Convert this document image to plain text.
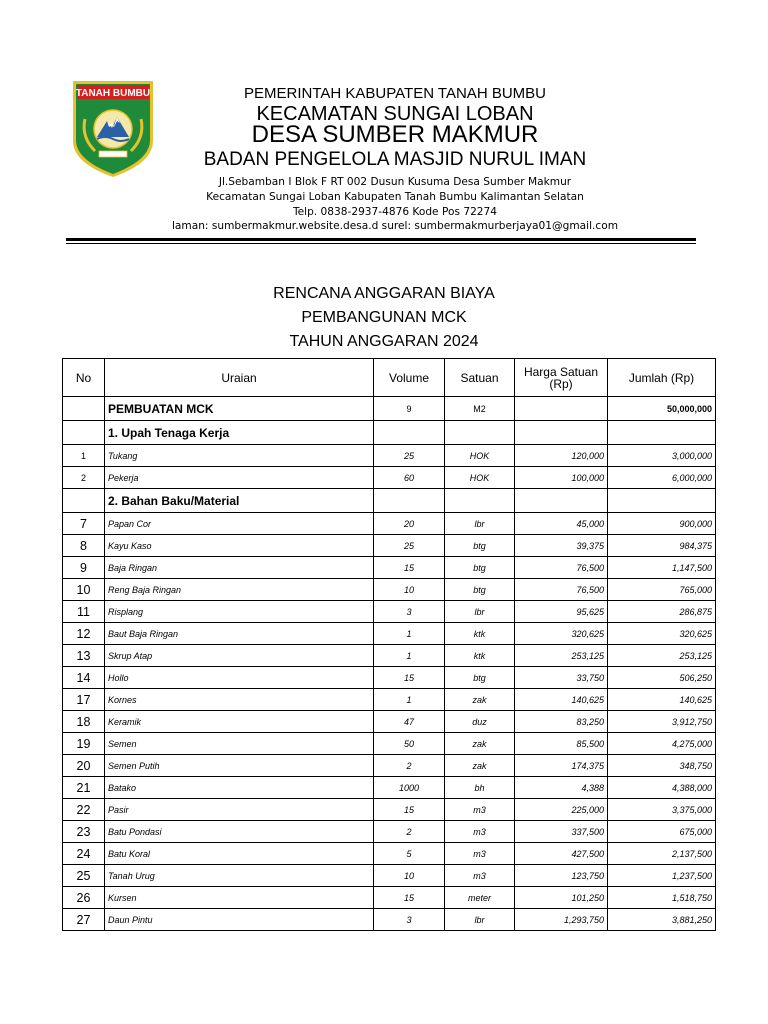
TANAH BUMBU	PEMERINTAH KABUPATEN TANAH BUMBU
KECAMATAN SUNGAI LOBAN
DESA SUMBER MAKMUR
BADAN PENGELOLA MASJID NURUL IMAN
Jl.Sebamban I Blok F RT 002 Dusun Kusuma Desa Sumber Makmur
Kecamatan Sungai Loban Kabupaten Tanah Bumbu Kalimantan Selatan
Telp. 0838-2937-4876 Kode Pos 72274
laman: sumbermakmur.website.desa.d surel: sumbermakmurberjaya01@gmail.com
RENCANA ANGGARAN BIAYA
PEMBANGUNAN MCK
TAHUN ANGGARAN 2024
No	Uraian	Volume	Satuan	Harga Satuan (Rp)	Jumlah (Rp)
	PEMBUATAN MCK	9	M2		50,000,000
	1. Upah Tenaga Kerja				
1	Tukang	25	HOK	120,000	3,000,000
2	Pekerja	60	HOK	100,000	6,000,000
	2. Bahan Baku/Material				
7	Papan Cor	20	lbr	45,000	900,000
8	Kayu Kaso	25	btg	39,375	984,375
9	Baja Ringan	15	btg	76,500	1,147,500
10	Reng Baja Ringan	10	btg	76,500	765,000
11	Risplang	3	lbr	95,625	286,875
12	Baut Baja Ringan	1	ktk	320,625	320,625
13	Skrup Atap	1	ktk	253,125	253,125
14	Hollo	15	btg	33,750	506,250
17	Kornes	1	zak	140,625	140,625
18	Keramik	47	duz	83,250	3,912,750
19	Semen	50	zak	85,500	4,275,000
20	Semen Putih	2	zak	174,375	348,750
21	Batako	1000	bh	4,388	4,388,000
22	Pasir	15	m3	225,000	3,375,000
23	Batu Pondasi	2	m3	337,500	675,000
24	Batu Koral	5	m3	427,500	2,137,500
25	Tanah Urug	10	m3	123,750	1,237,500
26	Kursen	15	meter	101,250	1,518,750
27	Daun Pintu	3	lbr	1,293,750	3,881,250
